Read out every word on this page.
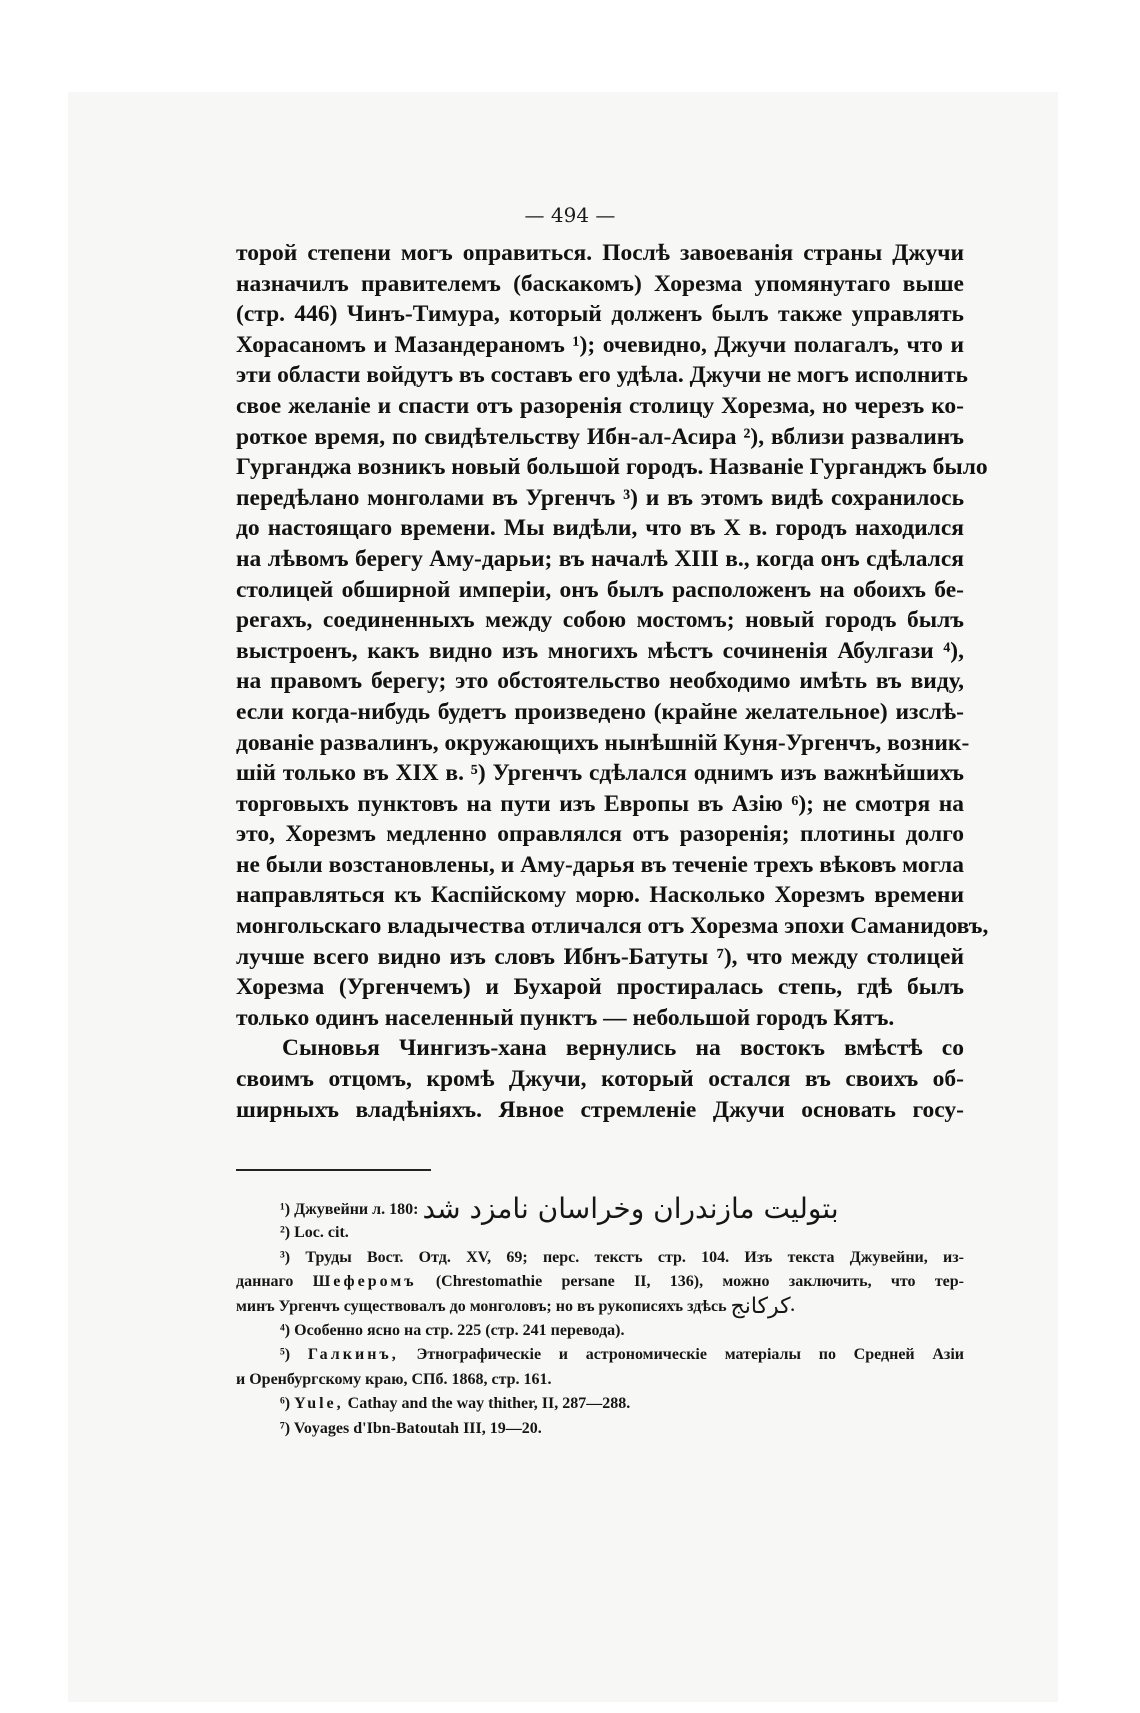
— 494 —
торой степени могъ оправиться. Послѣ завоеванія страны Джучи
назначилъ правителемъ (баскакомъ) Хорезма упомянутаго выше
(стр. 446) Чинъ-Тимура, который долженъ былъ также управлять
Хорасаномъ и Мазандераномъ ¹); очевидно, Джучи полагалъ, что и
эти области войдутъ въ составъ его удѣла. Джучи не могъ исполнить
свое желаніе и спасти отъ разоренія столицу Хорезма, но черезъ ко-
роткое время, по свидѣтельству Ибн-ал-Асира ²), вблизи развалинъ
Гурганджа возникъ новый большой городъ. Названіе Гурганджъ было
передѣлано монголами въ Ургенчъ ³) и въ этомъ видѣ сохранилось
до настоящаго времени. Мы видѣли, что въ X в. городъ находился
на лѣвомъ берегу Аму-дарьи; въ началѣ XIII в., когда онъ сдѣлался
столицей обширной имперіи, онъ былъ расположенъ на обоихъ бе-
регахъ, соединенныхъ между собою мостомъ; новый городъ былъ
выстроенъ, какъ видно изъ многихъ мѣстъ сочиненія Абулгази ⁴),
на правомъ берегу; это обстоятельство необходимо имѣть въ виду,
если когда-нибудь будетъ произведено (крайне желательное) изслѣ-
дованіе развалинъ, окружающихъ нынѣшній Куня-Ургенчъ, возник-
шій только въ XIX в. ⁵) Ургенчъ сдѣлался однимъ изъ важнѣйшихъ
торговыхъ пунктовъ на пути изъ Европы въ Азію ⁶); не смотря на
это, Хорезмъ медленно оправлялся отъ разоренія; плотины долго
не были возстановлены, и Аму-дарья въ теченіе трехъ вѣковъ могла
направляться къ Каспійскому морю. Насколько Хорезмъ времени
монгольскаго владычества отличался отъ Хорезма эпохи Саманидовъ,
лучше всего видно изъ словъ Ибнъ-Батуты ⁷), что между столицей
Хорезма (Ургенчемъ) и Бухарой простиралась степь, гдѣ былъ
только одинъ населенный пунктъ — небольшой городъ Кятъ.
Сыновья Чингизъ-хана вернулись на востокъ вмѣстѣ со
своимъ отцомъ, кромѣ Джучи, который остался въ своихъ об-
ширныхъ владѣніяхъ. Явное стремленіе Джучи основать госу-
¹) Джувейни л. 180: بتولیت مازندران وخراسان نامزد شد
²) Loc. cit.
³) Труды Вост. Отд. XV, 69; перс. текстъ стр. 104. Изъ текста Джувейни, из-
даннаго Шеферомъ (Chrestomathie persane II, 136), можно заключить, что тер-
минъ Ургенчъ существовалъ до монголовъ; но въ рукописяхъ здѣсь كركانج.
⁴) Особенно ясно на стр. 225 (стр. 241 перевода).
⁵) Галкинъ, Этнографическіе и астрономическіе матеріалы по Средней Азіи
и Оренбургскому краю, СПб. 1868, стр. 161.
⁶) Yule, Cathay and the way thither, II, 287—288.
⁷) Voyages d'Ibn-Batoutah III, 19—20.
